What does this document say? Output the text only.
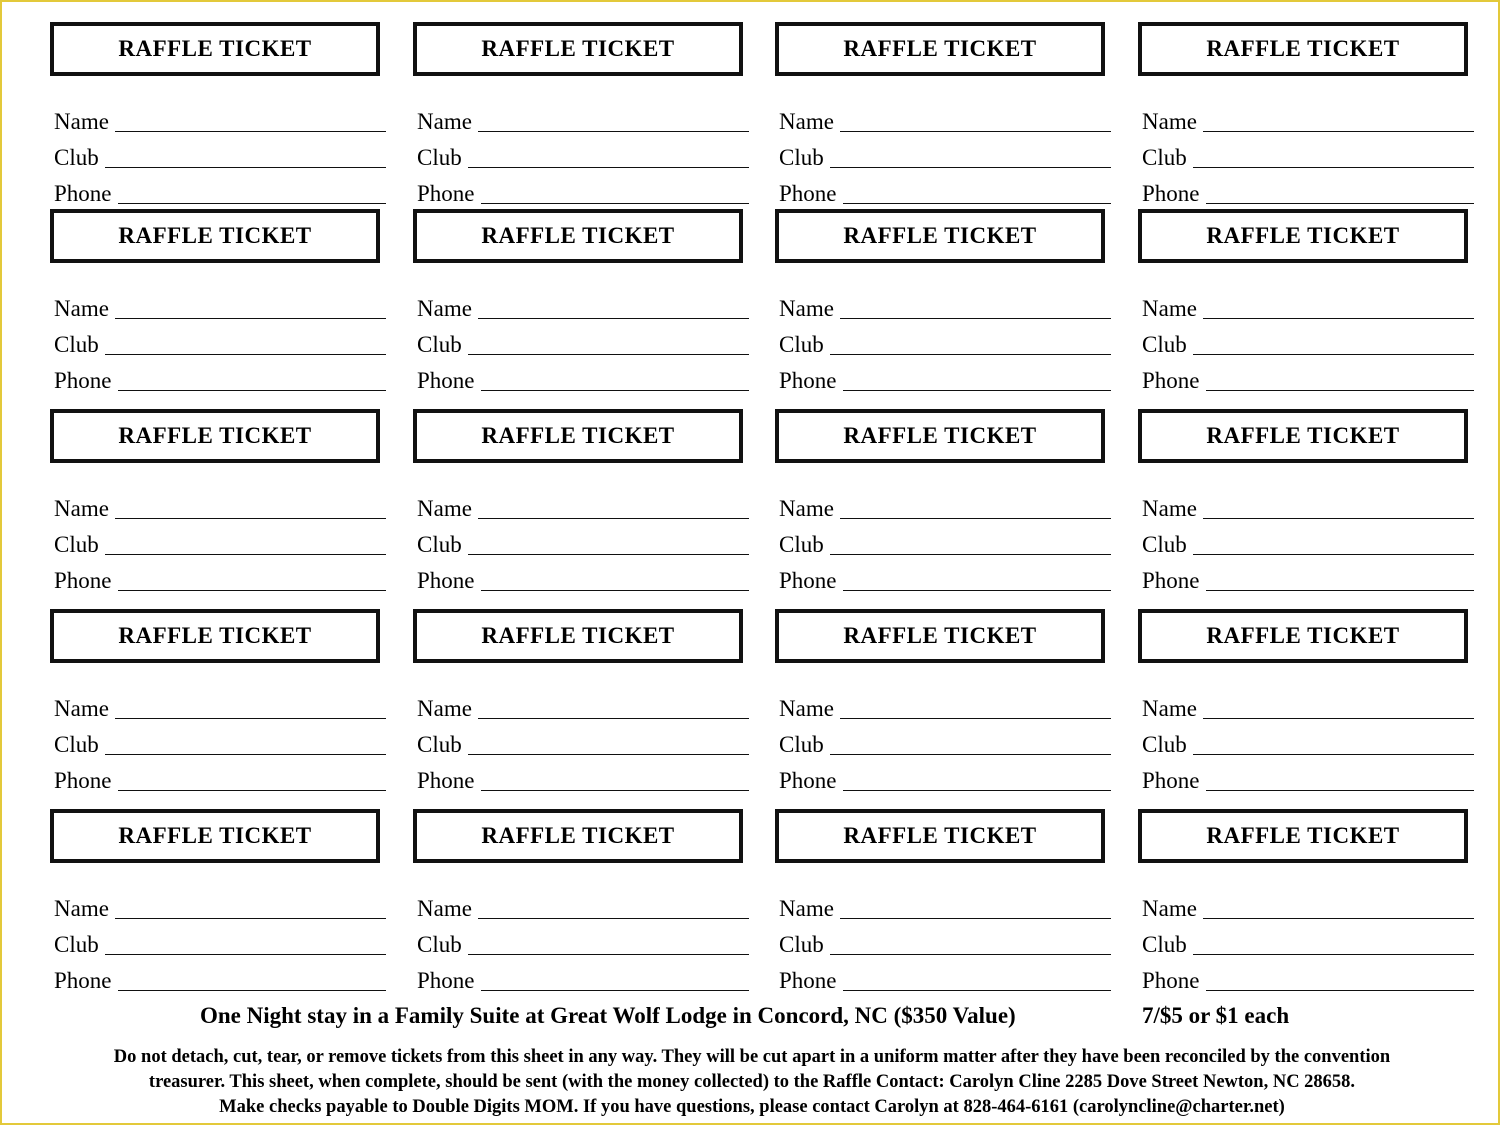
RAFFLE TICKET
Name
Club
Phone
RAFFLE TICKET
Name
Club
Phone
RAFFLE TICKET
Name
Club
Phone
RAFFLE TICKET
Name
Club
Phone
RAFFLE TICKET
Name
Club
Phone
RAFFLE TICKET
Name
Club
Phone
RAFFLE TICKET
Name
Club
Phone
RAFFLE TICKET
Name
Club
Phone
RAFFLE TICKET
Name
Club
Phone
RAFFLE TICKET
Name
Club
Phone
RAFFLE TICKET
Name
Club
Phone
RAFFLE TICKET
Name
Club
Phone
RAFFLE TICKET
Name
Club
Phone
RAFFLE TICKET
Name
Club
Phone
RAFFLE TICKET
Name
Club
Phone
RAFFLE TICKET
Name
Club
Phone
RAFFLE TICKET
Name
Club
Phone
RAFFLE TICKET
Name
Club
Phone
RAFFLE TICKET
Name
Club
Phone
RAFFLE TICKET
Name
Club
Phone
One Night stay in a Family Suite at Great Wolf Lodge in Concord, NC ($350 Value)	7/$5 or $1 each
Do not detach, cut, tear, or remove tickets from this sheet in any way. They will be cut apart in a uniform matter after they have been reconciled by the convention
treasurer. This sheet, when complete, should be sent (with the money collected) to the Raffle Contact: Carolyn Cline 2285 Dove Street Newton, NC 28658.
Make checks payable to Double Digits MOM. If you have questions, please contact Carolyn at 828-464-6161 (carolyncline@charter.net)
